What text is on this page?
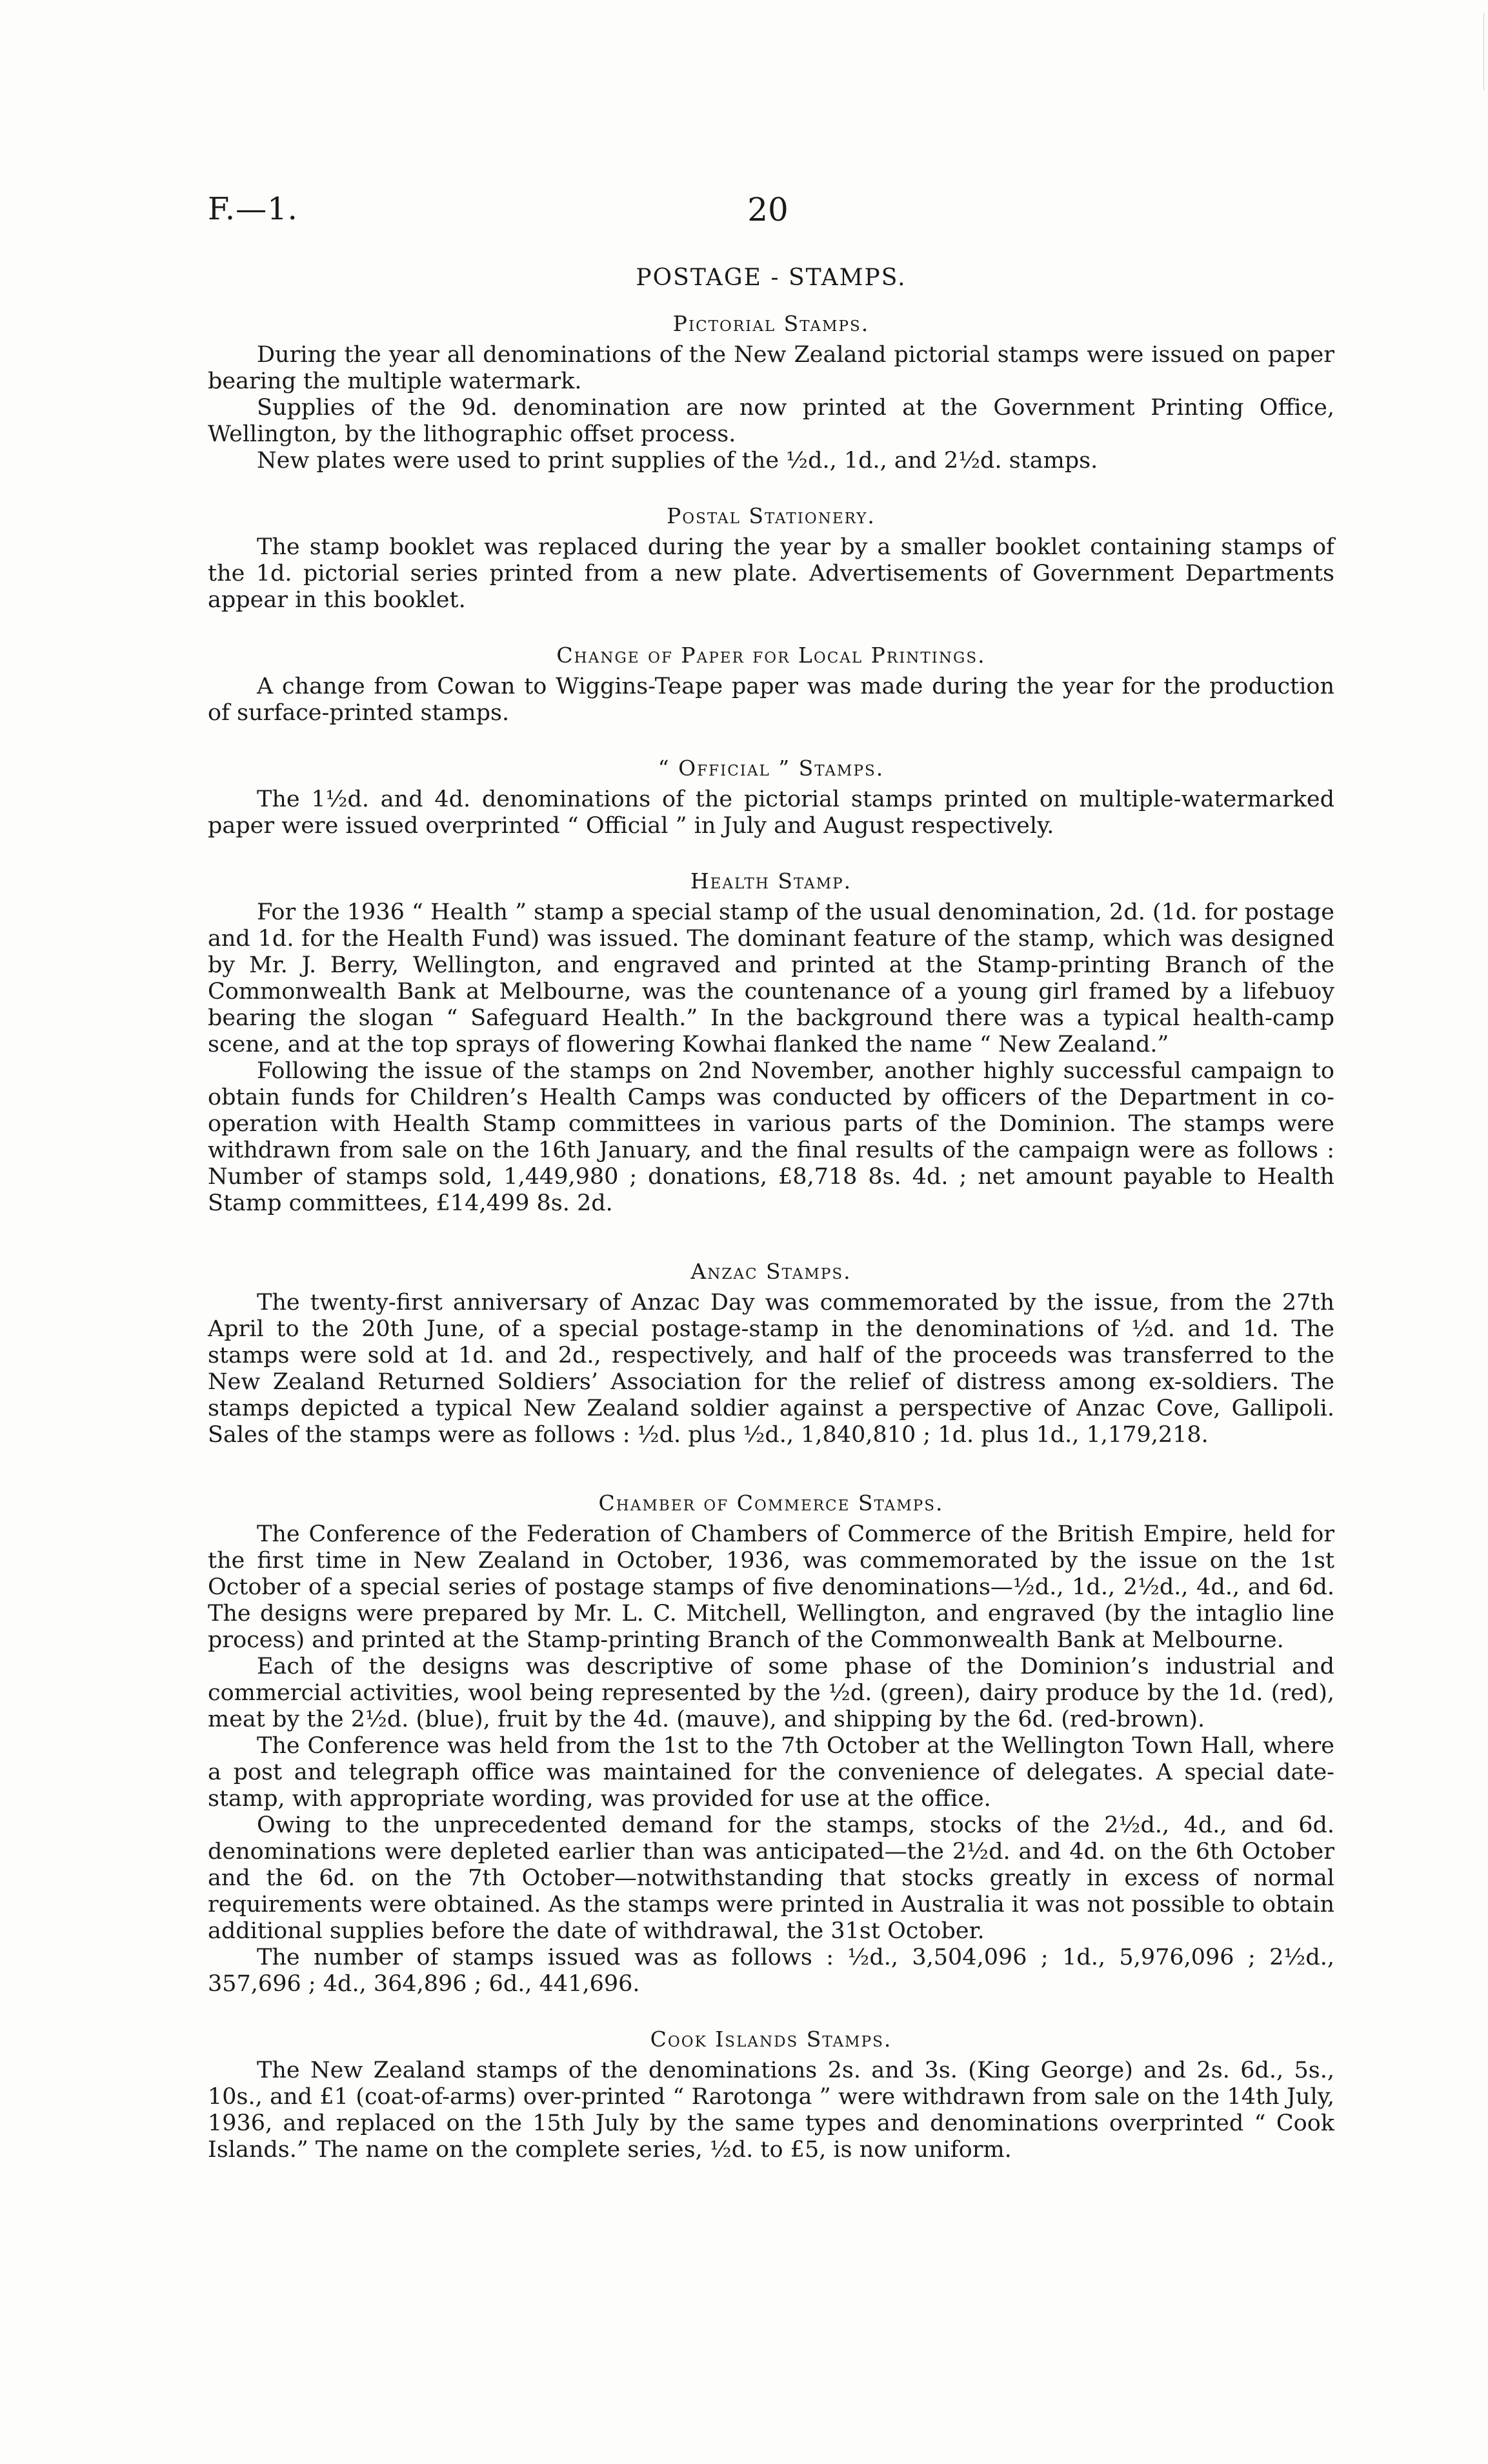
F.—1.	20
POSTAGE - STAMPS.
Pictorial Stamps.

During the year all denominations of the New Zealand pictorial stamps were issued on paper bearing the multiple watermark.

Supplies of the 9d. denomination are now printed at the Government Printing Office, Wellington, by the lithographic offset process.

New plates were used to print supplies of the ½d., 1d., and 2½d. stamps.

Postal Stationery.

The stamp booklet was replaced during the year by a smaller booklet containing stamps of the 1d. pictorial series printed from a new plate. Advertisements of Government Departments appear in this booklet.

Change of Paper for Local Printings.

A change from Cowan to Wiggins-Teape paper was made during the year for the production of surface-printed stamps.

“ Official ” Stamps.

The 1½d. and 4d. denominations of the pictorial stamps printed on multiple-watermarked paper were issued overprinted “ Official ” in July and August respectively.

Health Stamp.

For the 1936 “ Health ” stamp a special stamp of the usual denomination, 2d. (1d. for postage and 1d. for the Health Fund) was issued. The dominant feature of the stamp, which was designed by Mr. J. Berry, Wellington, and engraved and printed at the Stamp-printing Branch of the Commonwealth Bank at Melbourne, was the countenance of a young girl framed by a lifebuoy bearing the slogan “ Safeguard Health.” In the background there was a typical health-camp scene, and at the top sprays of flowering Kowhai flanked the name “ New Zealand.”

Following the issue of the stamps on 2nd November, another highly successful campaign to obtain funds for Children’s Health Camps was conducted by officers of the Department in co-operation with Health Stamp committees in various parts of the Dominion. The stamps were withdrawn from sale on the 16th January, and the final results of the campaign were as follows : Number of stamps sold, 1,449,980 ; donations, £8,718 8s. 4d. ; net amount payable to Health Stamp committees, £14,499 8s. 2d.

Anzac Stamps.

The twenty-first anniversary of Anzac Day was commemorated by the issue, from the 27th April to the 20th June, of a special postage-stamp in the denominations of ½d. and 1d. The stamps were sold at 1d. and 2d., respectively, and half of the proceeds was transferred to the New Zealand Returned Soldiers’ Association for the relief of distress among ex-soldiers. The stamps depicted a typical New Zealand soldier against a perspective of Anzac Cove, Gallipoli. Sales of the stamps were as follows : ½d. plus ½d., 1,840,810 ; 1d. plus 1d., 1,179,218.

Chamber of Commerce Stamps.

The Conference of the Federation of Chambers of Commerce of the British Empire, held for the first time in New Zealand in October, 1936, was commemorated by the issue on the 1st October of a special series of postage stamps of five denominations—½d., 1d., 2½d., 4d., and 6d. The designs were prepared by Mr. L. C. Mitchell, Wellington, and engraved (by the intaglio line process) and printed at the Stamp-printing Branch of the Commonwealth Bank at Melbourne.

Each of the designs was descriptive of some phase of the Dominion’s industrial and commercial activities, wool being represented by the ½d. (green), dairy produce by the 1d. (red), meat by the 2½d. (blue), fruit by the 4d. (mauve), and shipping by the 6d. (red-brown).

The Conference was held from the 1st to the 7th October at the Wellington Town Hall, where a post and telegraph office was maintained for the convenience of delegates. A special date-stamp, with appropriate wording, was provided for use at the office.

Owing to the unprecedented demand for the stamps, stocks of the 2½d., 4d., and 6d. denominations were depleted earlier than was anticipated—the 2½d. and 4d. on the 6th October and the 6d. on the 7th October—notwithstanding that stocks greatly in excess of normal requirements were obtained. As the stamps were printed in Australia it was not possible to obtain additional supplies before the date of withdrawal, the 31st October.

The number of stamps issued was as follows : ½d., 3,504,096 ; 1d., 5,976,096 ; 2½d., 357,696 ; 4d., 364,896 ; 6d., 441,696.

Cook Islands Stamps.

The New Zealand stamps of the denominations 2s. and 3s. (King George) and 2s. 6d., 5s., 10s., and £1 (coat-of-arms) over-printed “ Rarotonga ” were withdrawn from sale on the 14th July, 1936, and replaced on the 15th July by the same types and denominations overprinted “ Cook Islands.” The name on the complete series, ½d. to £5, is now uniform.
